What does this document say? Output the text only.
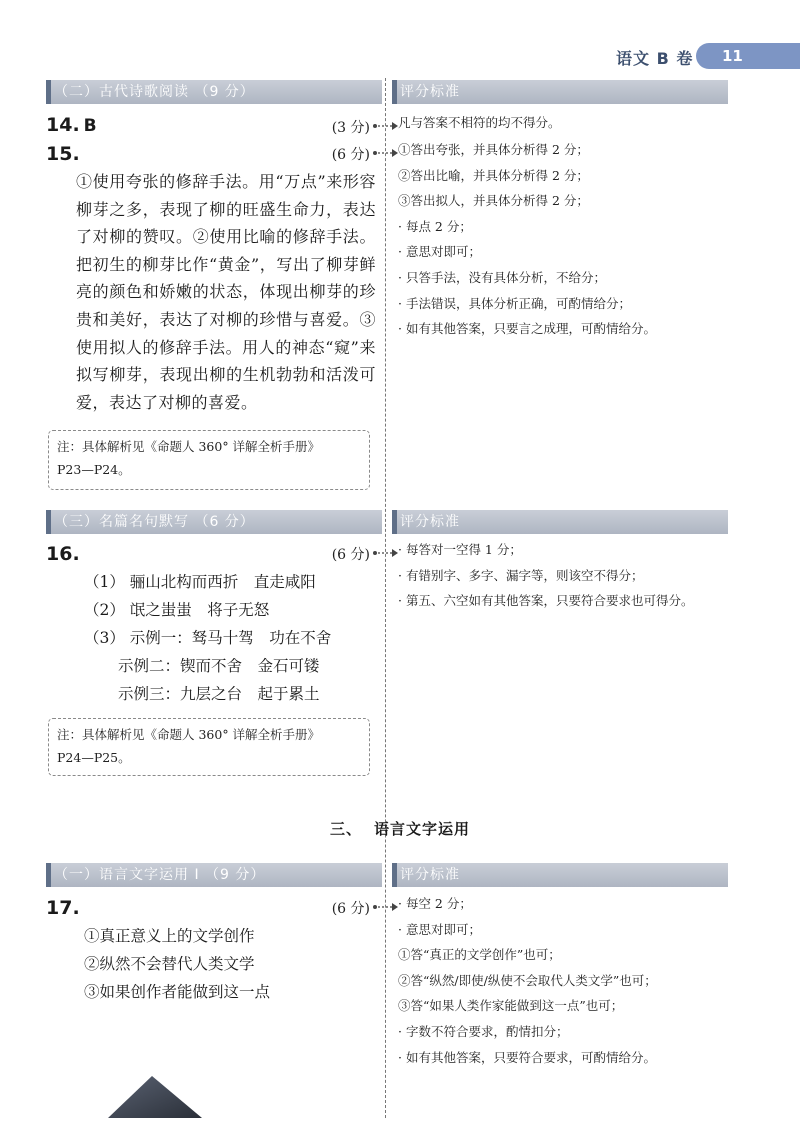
语文 B 卷	11
（二）古代诗歌阅读 （9 分）	评分标准
14. B	(3 分) 凡与答案不相符的均不得分。
15.	(6 分)
①使用夸张的修辞手法。用“万点”来形容柳芽之多，表现了柳的旺盛生命力，表达了对柳的赞叹。②使用比喻的修辞手法。把初生的柳芽比作“黄金”，写出了柳芽鲜亮的颜色和娇嫩的状态，体现出柳芽的珍贵和美好，表达了对柳的珍惜与喜爱。③使用拟人的修辞手法。用人的神态“窥”来拟写柳芽，表现出柳的生机勃勃和活泼可爱，表达了对柳的喜爱。
①答出夸张，并具体分析得 2 分；
②答出比喻，并具体分析得 2 分；
③答出拟人，并具体分析得 2 分；
· 每点 2 分；
· 意思对即可；
· 只答手法，没有具体分析，不给分；
· 手法错误，具体分析正确，可酌情给分；
· 如有其他答案，只要言之成理，可酌情给分。
注：具体解析见《命题人 360° 详解全析手册》
P23—P24。
（三）名篇名句默写 （6 分）	评分标准
16.	(6 分)
（1） 骊山北构而西折　直走咸阳
（2） 氓之蚩蚩　将子无怒
（3） 示例一：驽马十驾　功在不舍
示例二：锲而不舍　金石可镂
示例三：九层之台　起于累土
· 每答对一空得 1 分；
· 有错别字、多字、漏字等，则该空不得分；
· 第五、六空如有其他答案，只要符合要求也可得分。
注：具体解析见《命题人 360° 详解全析手册》
P24—P25。
三、 语言文字运用
（一）语言文字运用 I （9 分）	评分标准
17.	(6 分)
①真正意义上的文学创作
②纵然不会替代人类文学
③如果创作者能做到这一点
· 每空 2 分；
· 意思对即可；
①答“真正的文学创作”也可；
②答“纵然/即使/纵使不会取代人类文学”也可；
③答“如果人类作家能做到这一点”也可；
· 字数不符合要求，酌情扣分；
· 如有其他答案，只要符合要求，可酌情给分。
